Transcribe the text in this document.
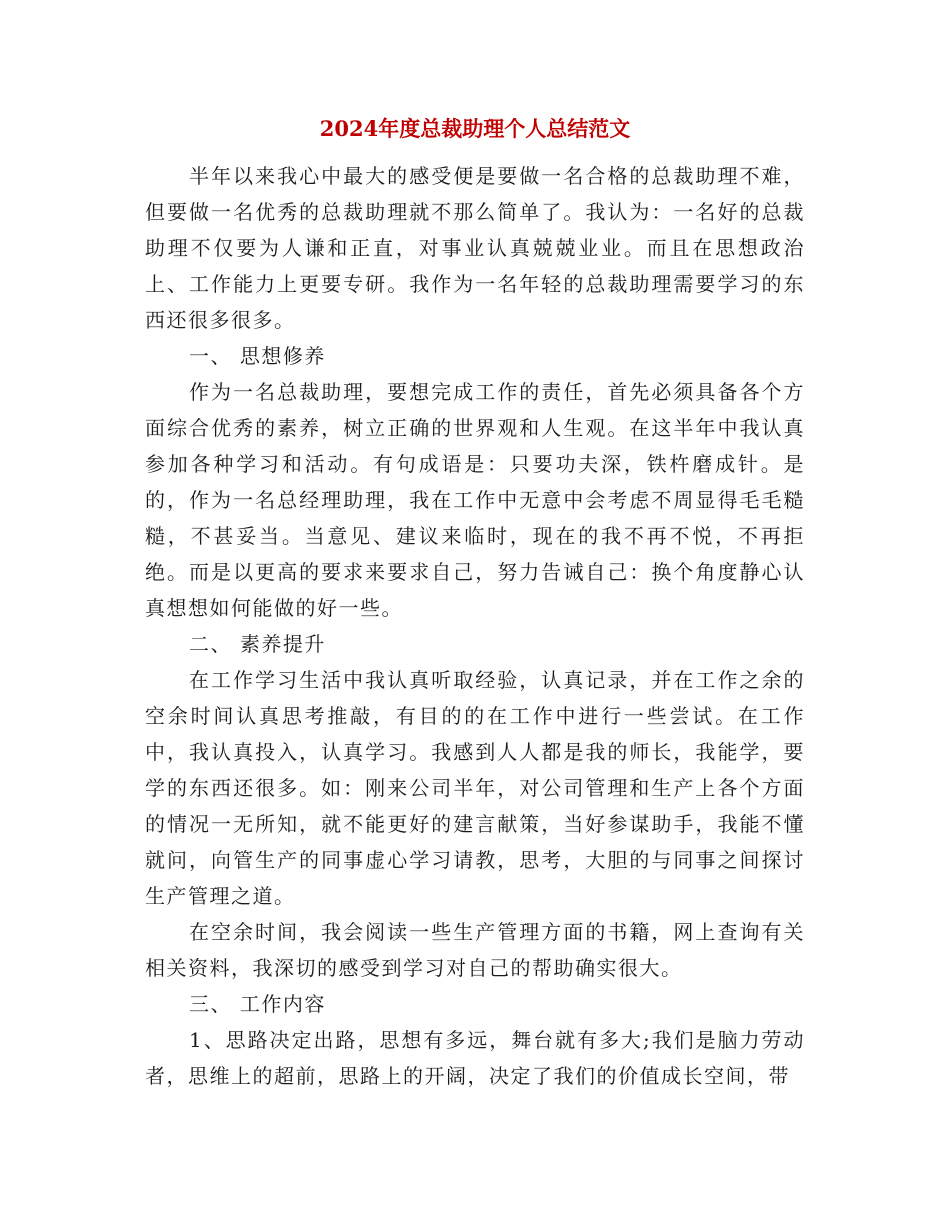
2024年度总裁助理个人总结范文

半年以来我心中最大的感受便是要做一名合格的总裁助理不难，但要做一名优秀的总裁助理就不那么简单了。我认为：一名好的总裁助理不仅要为人谦和正直，对事业认真兢兢业业。而且在思想政治上、工作能力上更要专研。我作为一名年轻的总裁助理需要学习的东西还很多很多。

一、 思想修养

作为一名总裁助理，要想完成工作的责任，首先必须具备各个方面综合优秀的素养，树立正确的世界观和人生观。在这半年中我认真参加各种学习和活动。有句成语是：只要功夫深，铁杵磨成针。是的，作为一名总经理助理，我在工作中无意中会考虑不周显得毛毛糙糙，不甚妥当。当意见、建议来临时，现在的我不再不悦，不再拒绝。而是以更高的要求来要求自己，努力告诫自己：换个角度静心认真想想如何能做的好一些。

二、 素养提升

在工作学习生活中我认真听取经验，认真记录，并在工作之余的空余时间认真思考推敲，有目的的在工作中进行一些尝试。在工作中，我认真投入，认真学习。我感到人人都是我的师长，我能学，要学的东西还很多。如：刚来公司半年，对公司管理和生产上各个方面的情况一无所知，就不能更好的建言献策，当好参谋助手，我能不懂就问，向管生产的同事虚心学习请教，思考，大胆的与同事之间探讨生产管理之道。

在空余时间，我会阅读一些生产管理方面的书籍，网上查询有关相关资料，我深切的感受到学习对自己的帮助确实很大。

三、 工作内容

1、思路决定出路，思想有多远，舞台就有多大;我们是脑力劳动者，思维上的超前，思路上的开阔，决定了我们的价值成长空间，带
